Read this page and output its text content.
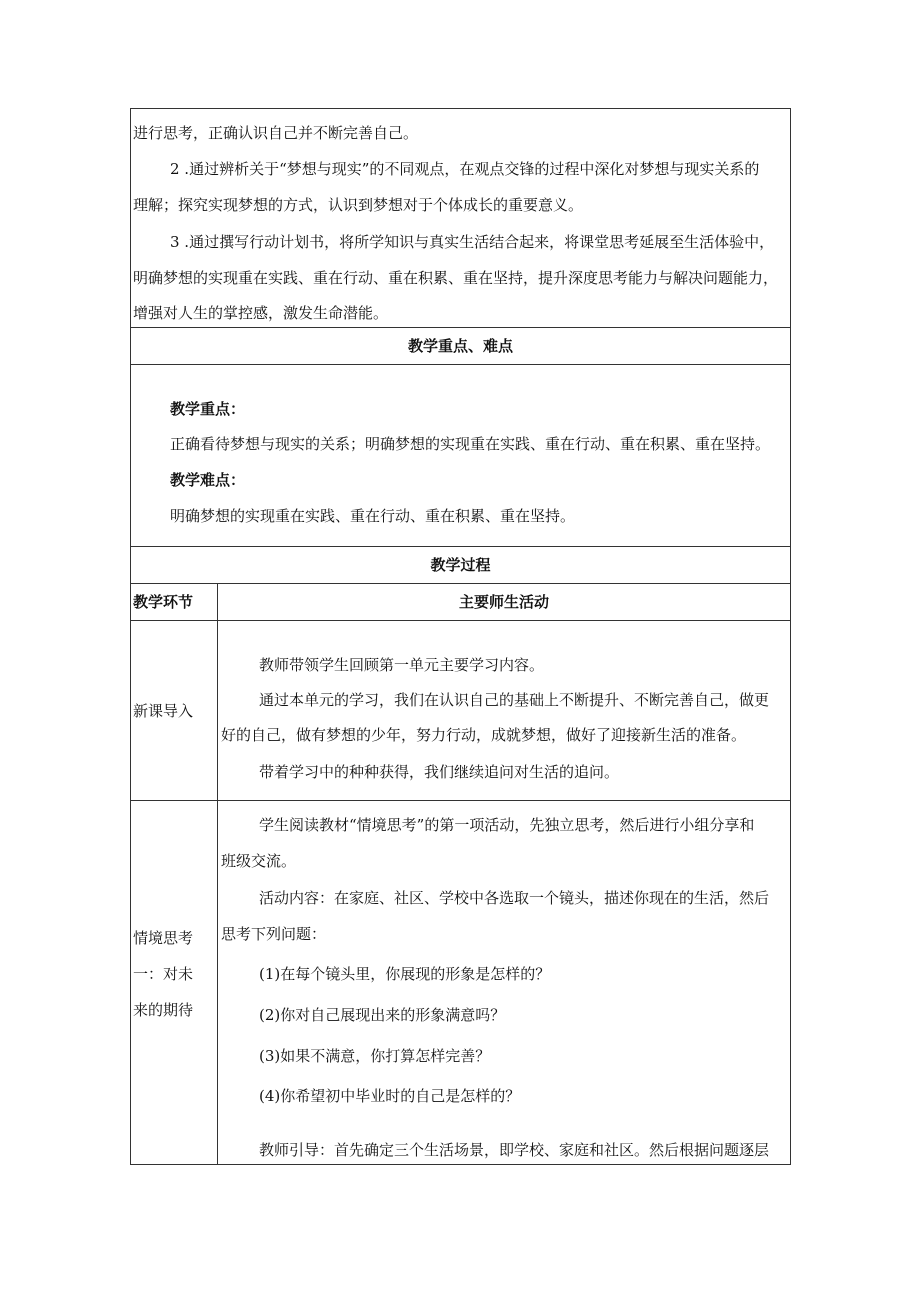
进行思考，正确认识自己并不断完善自己。
2 .通过辨析关于“梦想与现实”的不同观点，在观点交锋的过程中深化对梦想与现实关系的
理解；探究实现梦想的方式，认识到梦想对于个体成长的重要意义。
3 .通过撰写行动计划书，将所学知识与真实生活结合起来，将课堂思考延展至生活体验中，
明确梦想的实现重在实践、重在行动、重在积累、重在坚持，提升深度思考能力与解决问题能力，
增强对人生的掌控感，激发生命潜能。
教学重点、难点
教学重点：
正确看待梦想与现实的关系；明确梦想的实现重在实践、重在行动、重在积累、重在坚持。
教学难点：
明确梦想的实现重在实践、重在行动、重在积累、重在坚持。
教学过程
教学环节	主要师生活动
新课导入
教师带领学生回顾第一单元主要学习内容。
通过本单元的学习，我们在认识自己的基础上不断提升、不断完善自己，做更
好的自己，做有梦想的少年，努力行动，成就梦想，做好了迎接新生活的准备。
带着学习中的种种获得，我们继续追问对生活的追问。
情境思考
一：对未
来的期待
学生阅读教材“情境思考”的第一项活动，先独立思考，然后进行小组分享和
班级交流。
活动内容：在家庭、社区、学校中各选取一个镜头，描述你现在的生活，然后
思考下列问题：
(1)在每个镜头里，你展现的形象是怎样的？
(2)你对自己展现出来的形象满意吗？
(3)如果不满意，你打算怎样完善？
(4)你希望初中毕业时的自己是怎样的？
教师引导：首先确定三个生活场景，即学校、家庭和社区。然后根据问题逐层
